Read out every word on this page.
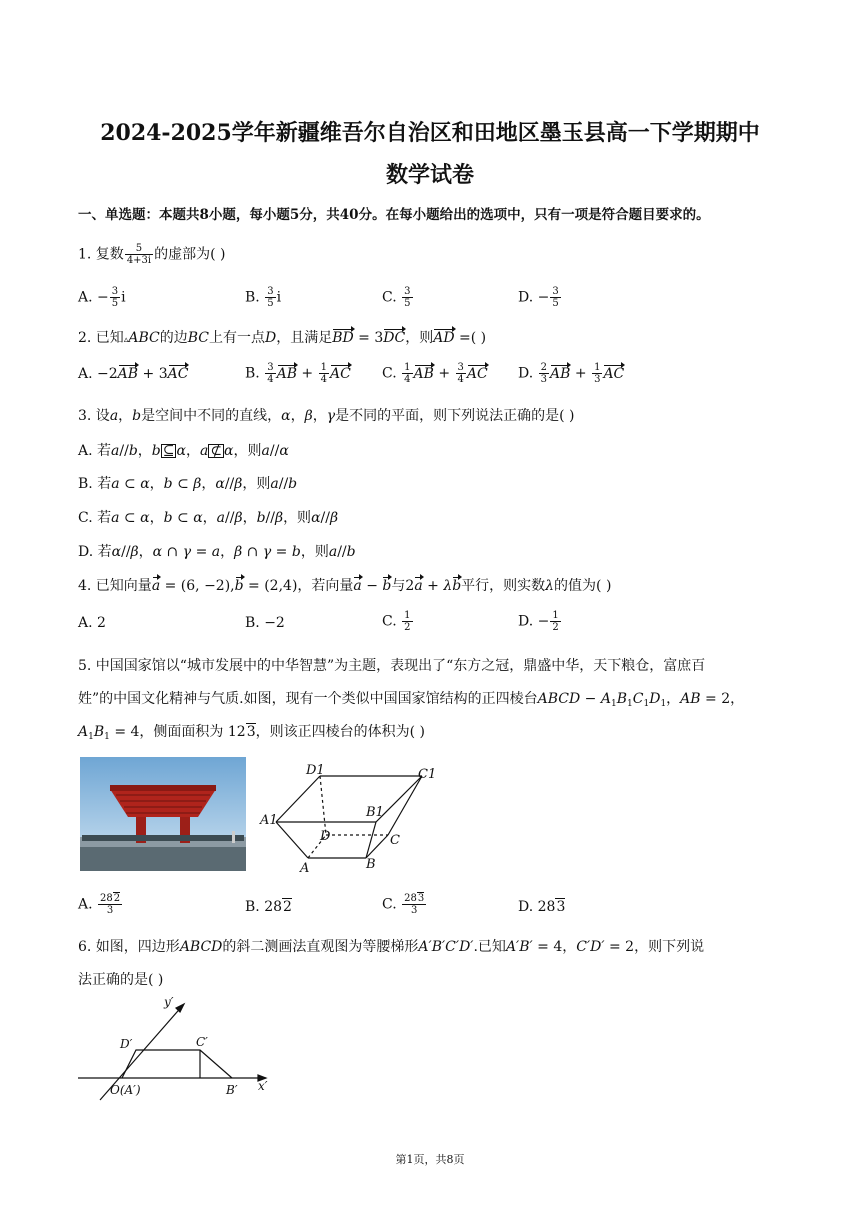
2024-2025学年新疆维吾尔自治区和田地区墨玉县高一下学期期中
数学试卷
一、单选题：本题共8小题，每小题5分，共40分。在每小题给出的选项中，只有一项是符合题目要求的。
1. 复数 $\frac{5}{4+3i}$ 的虚部为( )
A. − $\frac{3}{5}$ i	B. $\frac{3}{5}$ i	C. $\frac{3}{5}$	D. − $\frac{3}{5}$
2. 已知▵ABC的边BC上有一点D，且满足BD = 3DC，则AD =( )
A. −2AB + 3AC	B. $\frac{3}{4}$ AB + $\frac{1}{4}$ AC C. $\frac{1}{4}$ AB + $\frac{3}{4}$ AC D. $\frac{2}{3}$ AB + $\frac{1}{3}$ AC
3. 设a，b是空间中不同的直线，α，β，γ是不同的平面，则下列说法正确的是( )
A. 若a//b，b ⊆ α，a ⊄ α，则a//α
B. 若a ⊂ α，b ⊂ β，α//β，则a//b
C. 若a ⊂ α，b ⊂ α，a//β，b//β，则α//β
D. 若α//β，α ∩ γ = a，β ∩ γ = b，则a//b
4. 已知向量a = (6, −2),b = (2,4)，若向量a − b与2a + λb平行，则实数λ的值为( )
A. 2	B. −2	C. $\frac{1}{2}$	D. − $\frac{1}{2}$
5. 中国国家馆以“城市发展中的中华智慧”为主题，表现出了“东方之冠，鼎盛中华，天下粮仓，富庶百
姓”的中国文化精神与气质.如图，现有一个类似中国国家馆结构的正四棱台ABCD − $A_1B_1C_1D_1$，AB = 2，
$A_1B_1 = 4$，侧面面积为 123，则该正四棱台的体积为( )
D1	C1
A1
B1
D	C
A	B
A. $\frac{282}{3}$	B. 282	C. $\frac{283}{3}$	D. 283
6. 如图，四边形ABCD的斜二测画法直观图为等腰梯形A′B′C′D′.已知A′B′ = 4，C′D′ = 2，则下列说
法正确的是( )
y′
D′	C′
O(A′)	B′ x′
第1页，共8页
